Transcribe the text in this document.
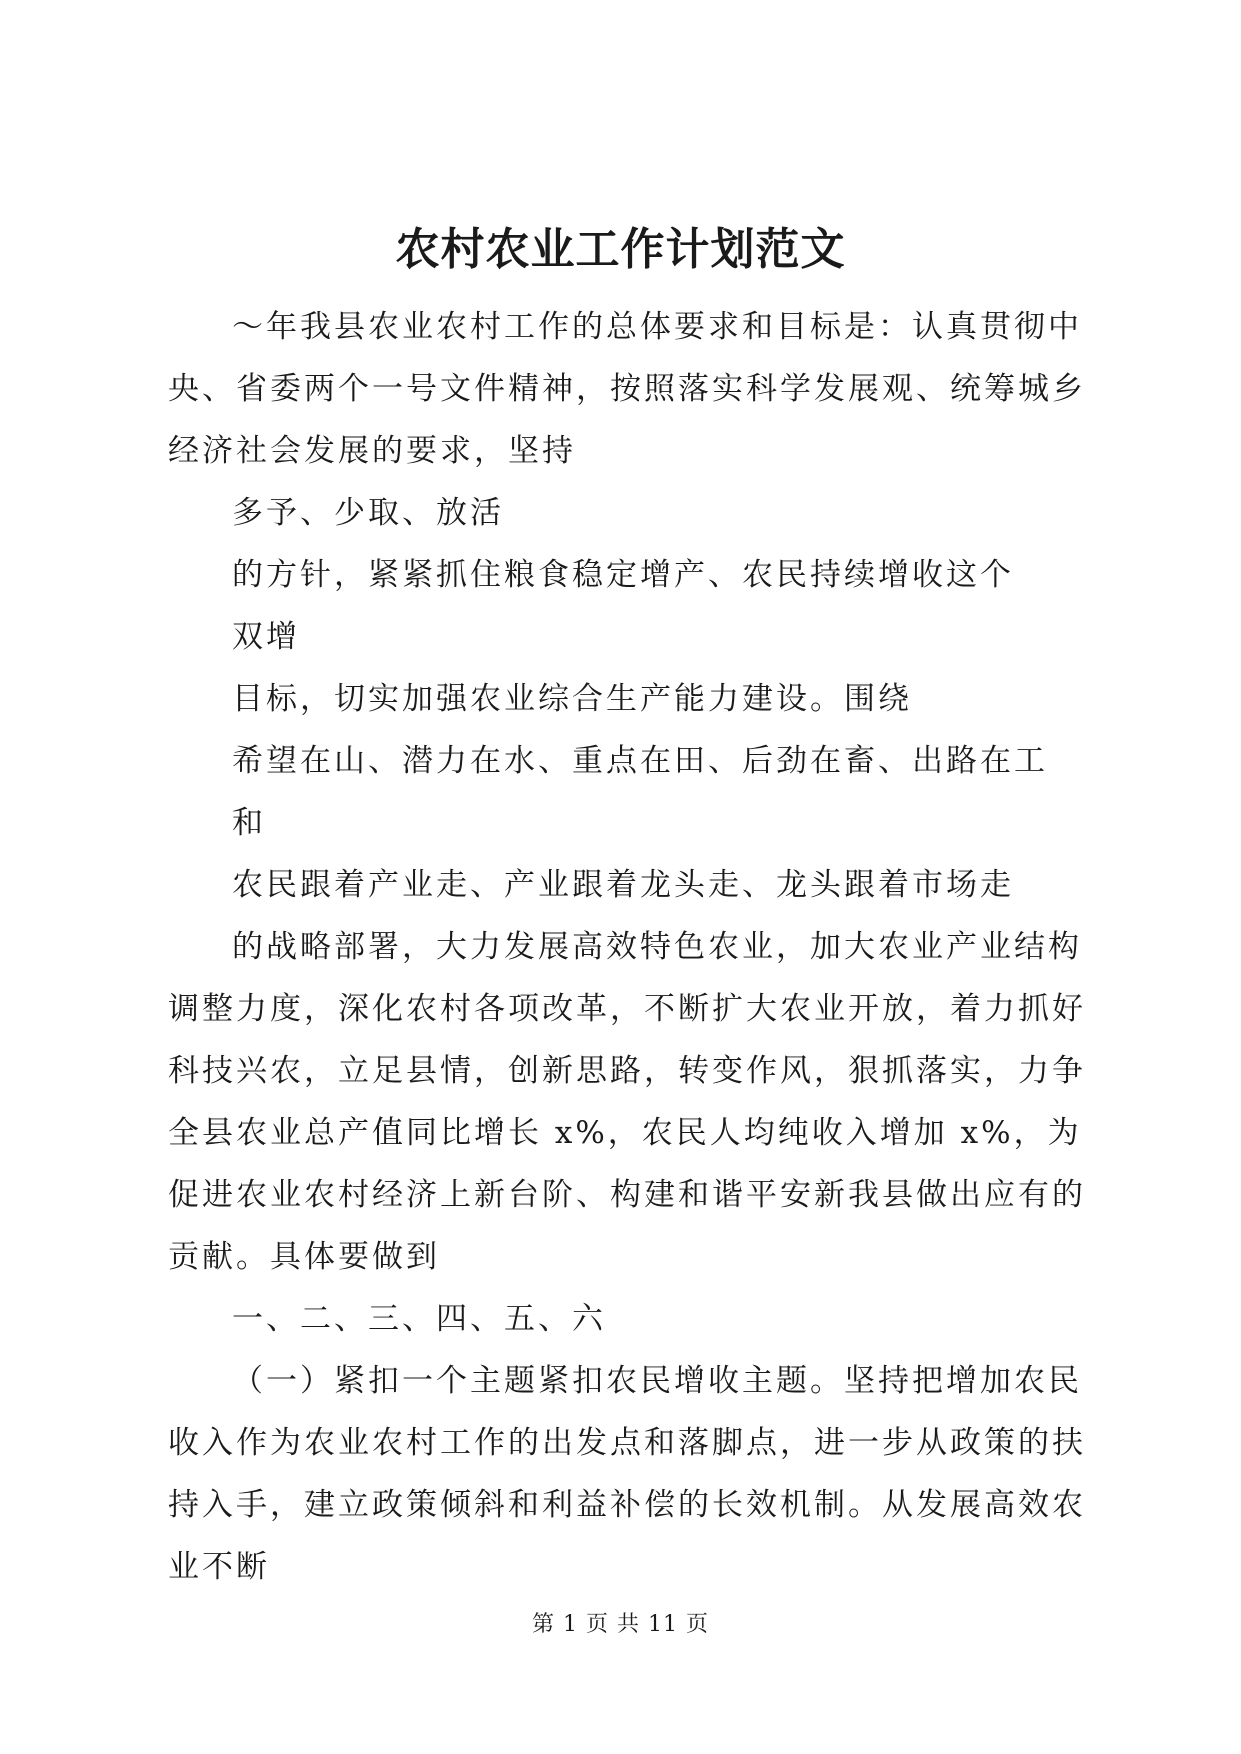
农村农业工作计划范文

～年我县农业农村工作的总体要求和目标是：认真贯彻中央、省委两个一号文件精神，按照落实科学发展观、统筹城乡经济社会发展的要求，坚持

多予、少取、放活

的方针，紧紧抓住粮食稳定增产、农民持续增收这个

双增

目标，切实加强农业综合生产能力建设。围绕

希望在山、潜力在水、重点在田、后劲在畜、出路在工

和

农民跟着产业走、产业跟着龙头走、龙头跟着市场走

的战略部署，大力发展高效特色农业，加大农业产业结构调整力度，深化农村各项改革，不断扩大农业开放，着力抓好科技兴农，立足县情，创新思路，转变作风，狠抓落实，力争全县农业总产值同比增长 x%，农民人均纯收入增加 x%，为促进农业农村经济上新台阶、构建和谐平安新我县做出应有的贡献。具体要做到

一、二、三、四、五、六

（一）紧扣一个主题紧扣农民增收主题。坚持把增加农民收入作为农业农村工作的出发点和落脚点，进一步从政策的扶持入手，建立政策倾斜和利益补偿的长效机制。从发展高效农业不断

第 1 页 共 11 页
